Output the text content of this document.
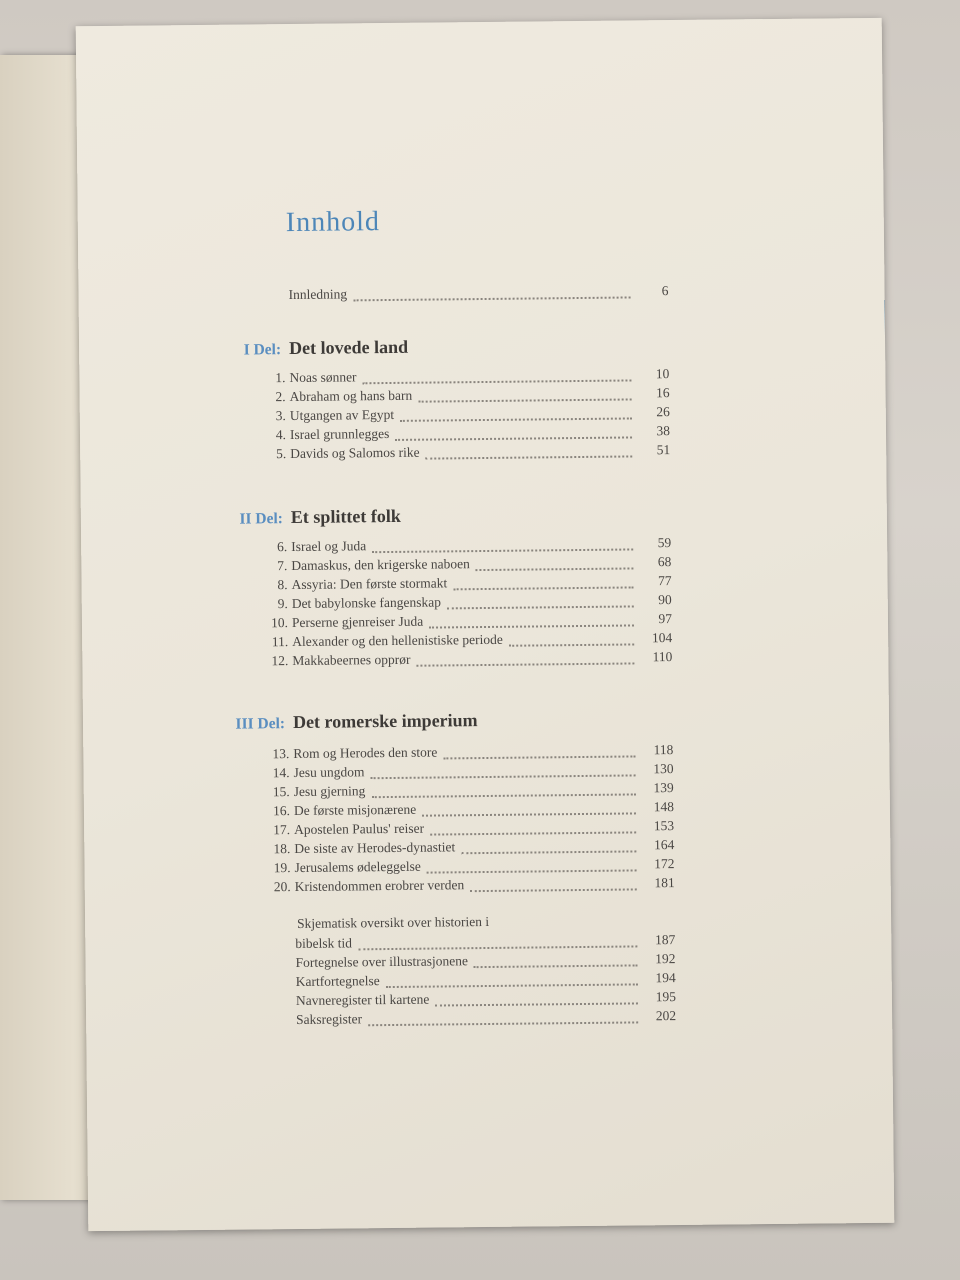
Innhold
Innledning	6
I Del: Det lovede land
1. Noas sønner	10
2. Abraham og hans barn	16
3. Utgangen av Egypt	26
4. Israel grunnlegges	38
5. Davids og Salomos rike	51
II Del: Et splittet folk
6. Israel og Juda	59
7. Damaskus, den krigerske naboen	68
8. Assyria: Den første stormakt	77
9. Det babylonske fangenskap	90
10. Perserne gjenreiser Juda	97
11. Alexander og den hellenistiske periode	104
12. Makkabeernes opprør	110
III Del: Det romerske imperium
13. Rom og Herodes den store	118
14. Jesu ungdom	130
15. Jesu gjerning	139
16. De første misjonærene	148
17. Apostelen Paulus' reiser	153
18. De siste av Herodes-dynastiet	164
19. Jerusalems ødeleggelse	172
20. Kristendommen erobrer verden	181
Skjematisk oversikt over historien i
bibelsk tid	187
Fortegnelse over illustrasjonene	192
Kartfortegnelse	194
Navneregister til kartene	195
Saksregister	202
